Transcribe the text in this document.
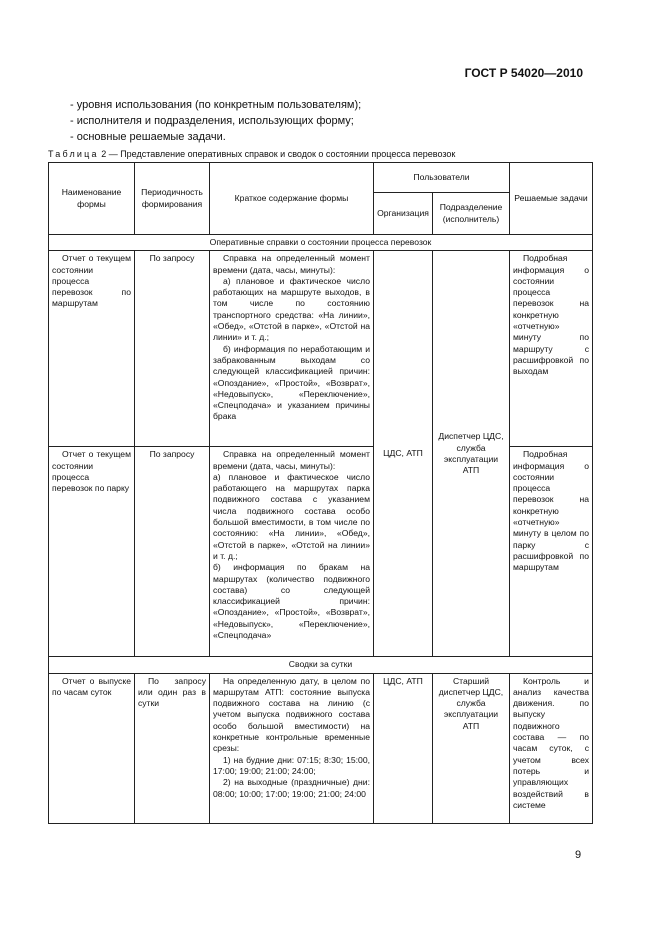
ГОСТ Р 54020—2010
- уровня использования (по конкретным пользователям);
- исполнителя и подразделения, использующих форму;
- основные решаемые задачи.
Таблица 2 — Представление оперативных справок и сводок о состоянии процесса перевозок
Наименование формы	Периодичность формирования	Краткое содержание формы	Пользователи		Решаемые задачи
			Организация	Подразделение (исполнитель)	
Оперативные справки о состоянии процесса перевозок					
Отчет о текущем состоянии процесса перевозок по маршрутам	По запросу	Справка на определенный момент времени (дата, часы, минуты):
а) плановое и фактическое число работающих на маршруте выходов, в том числе по состоянию транспортного средства: «На линии», «Обед», «Отстой в парке», «Отстой на линии» и т. д.;
б) информация по неработающим и забракованным выходам со следующей классификацией причин: «Опоздание», «Простой», «Возврат», «Недовыпуск», «Переключение», «Спецподача» и указанием причины брака	ЦДС, АТП	Диспетчер ЦДС, служба эксплуатации АТП	Подробная информация о состоянии процесса перевозок на конкретную «отчетную» минуту по маршруту с расшифровкой по выходам
Отчет о текущем состоянии процесса перевозок по парку	По запросу	Справка на определенный момент времени (дата, часы, минуты):
а) плановое и фактическое число работающего на маршрутах парка подвижного состава с указанием числа подвижного состава особо большой вместимости, в том числе по состоянию: «На линии», «Обед», «Отстой в парке», «Отстой на линии» и т. д.;
б) информация по бракам на маршрутах (количество подвижного состава) со следующей классификацией причин: «Опоздание», «Простой», «Возврат», «Недовыпуск», «Переключение», «Спецподача»			Подробная информация о состоянии процесса перевозок на конкретную «отчетную» минуту в целом по парку с расшифровкой по маршрутам
Сводки за сутки					
Отчет о выпуске по часам суток	По запросу или один раз в сутки	На определенную дату, в целом по маршрутам АТП: состояние выпуска подвижного состава на линию (с учетом выпуска подвижного состава особо большой вместимости) на конкретные контрольные временные срезы:
1) на будние дни: 07:15; 8:30; 15:00, 17:00; 19:00; 21:00; 24:00;
2) на выходные (праздничные) дни: 08:00; 10:00; 17:00; 19:00; 21:00; 24:00	ЦДС, АТП	Старший диспетчер ЦДС, служба эксплуатации АТП	Контроль и анализ качества движения. по выпуску подвижного состава — по часам суток, с учетом всех потерь и управляющих воздействий в системе
9
